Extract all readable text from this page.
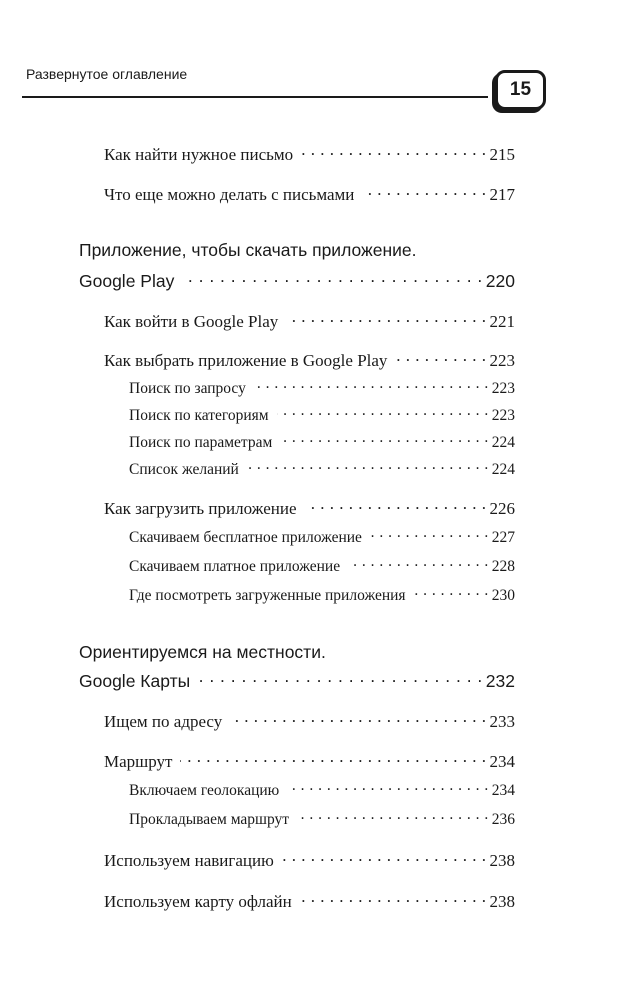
Развернутое оглавление
15
Как найти нужное письмо . . .	215
Что еще можно делать с письмами . . .	217
Приложение, чтобы скачать приложение.
Google Play . . .	220
Как войти в Google Play . . .	221
Как выбрать приложение в Google Play . . .	223
Поиск по запросу . . .	223
Поиск по категориям . . .	223
Поиск по параметрам . . .	224
Список желаний . . .	224
Как загрузить приложение . . .	226
Скачиваем бесплатное приложение . . .	227
Скачиваем платное приложение . . .	228
Где посмотреть загруженные приложения . . .	230
Ориентируемся на местности.
Google Карты . . .	232
Ищем по адресу . . .	233
Маршрут . . .	234
Включаем геолокацию . . .	234
Прокладываем маршрут . . .	236
Используем навигацию . . .	238
Используем карту офлайн . . .	238
